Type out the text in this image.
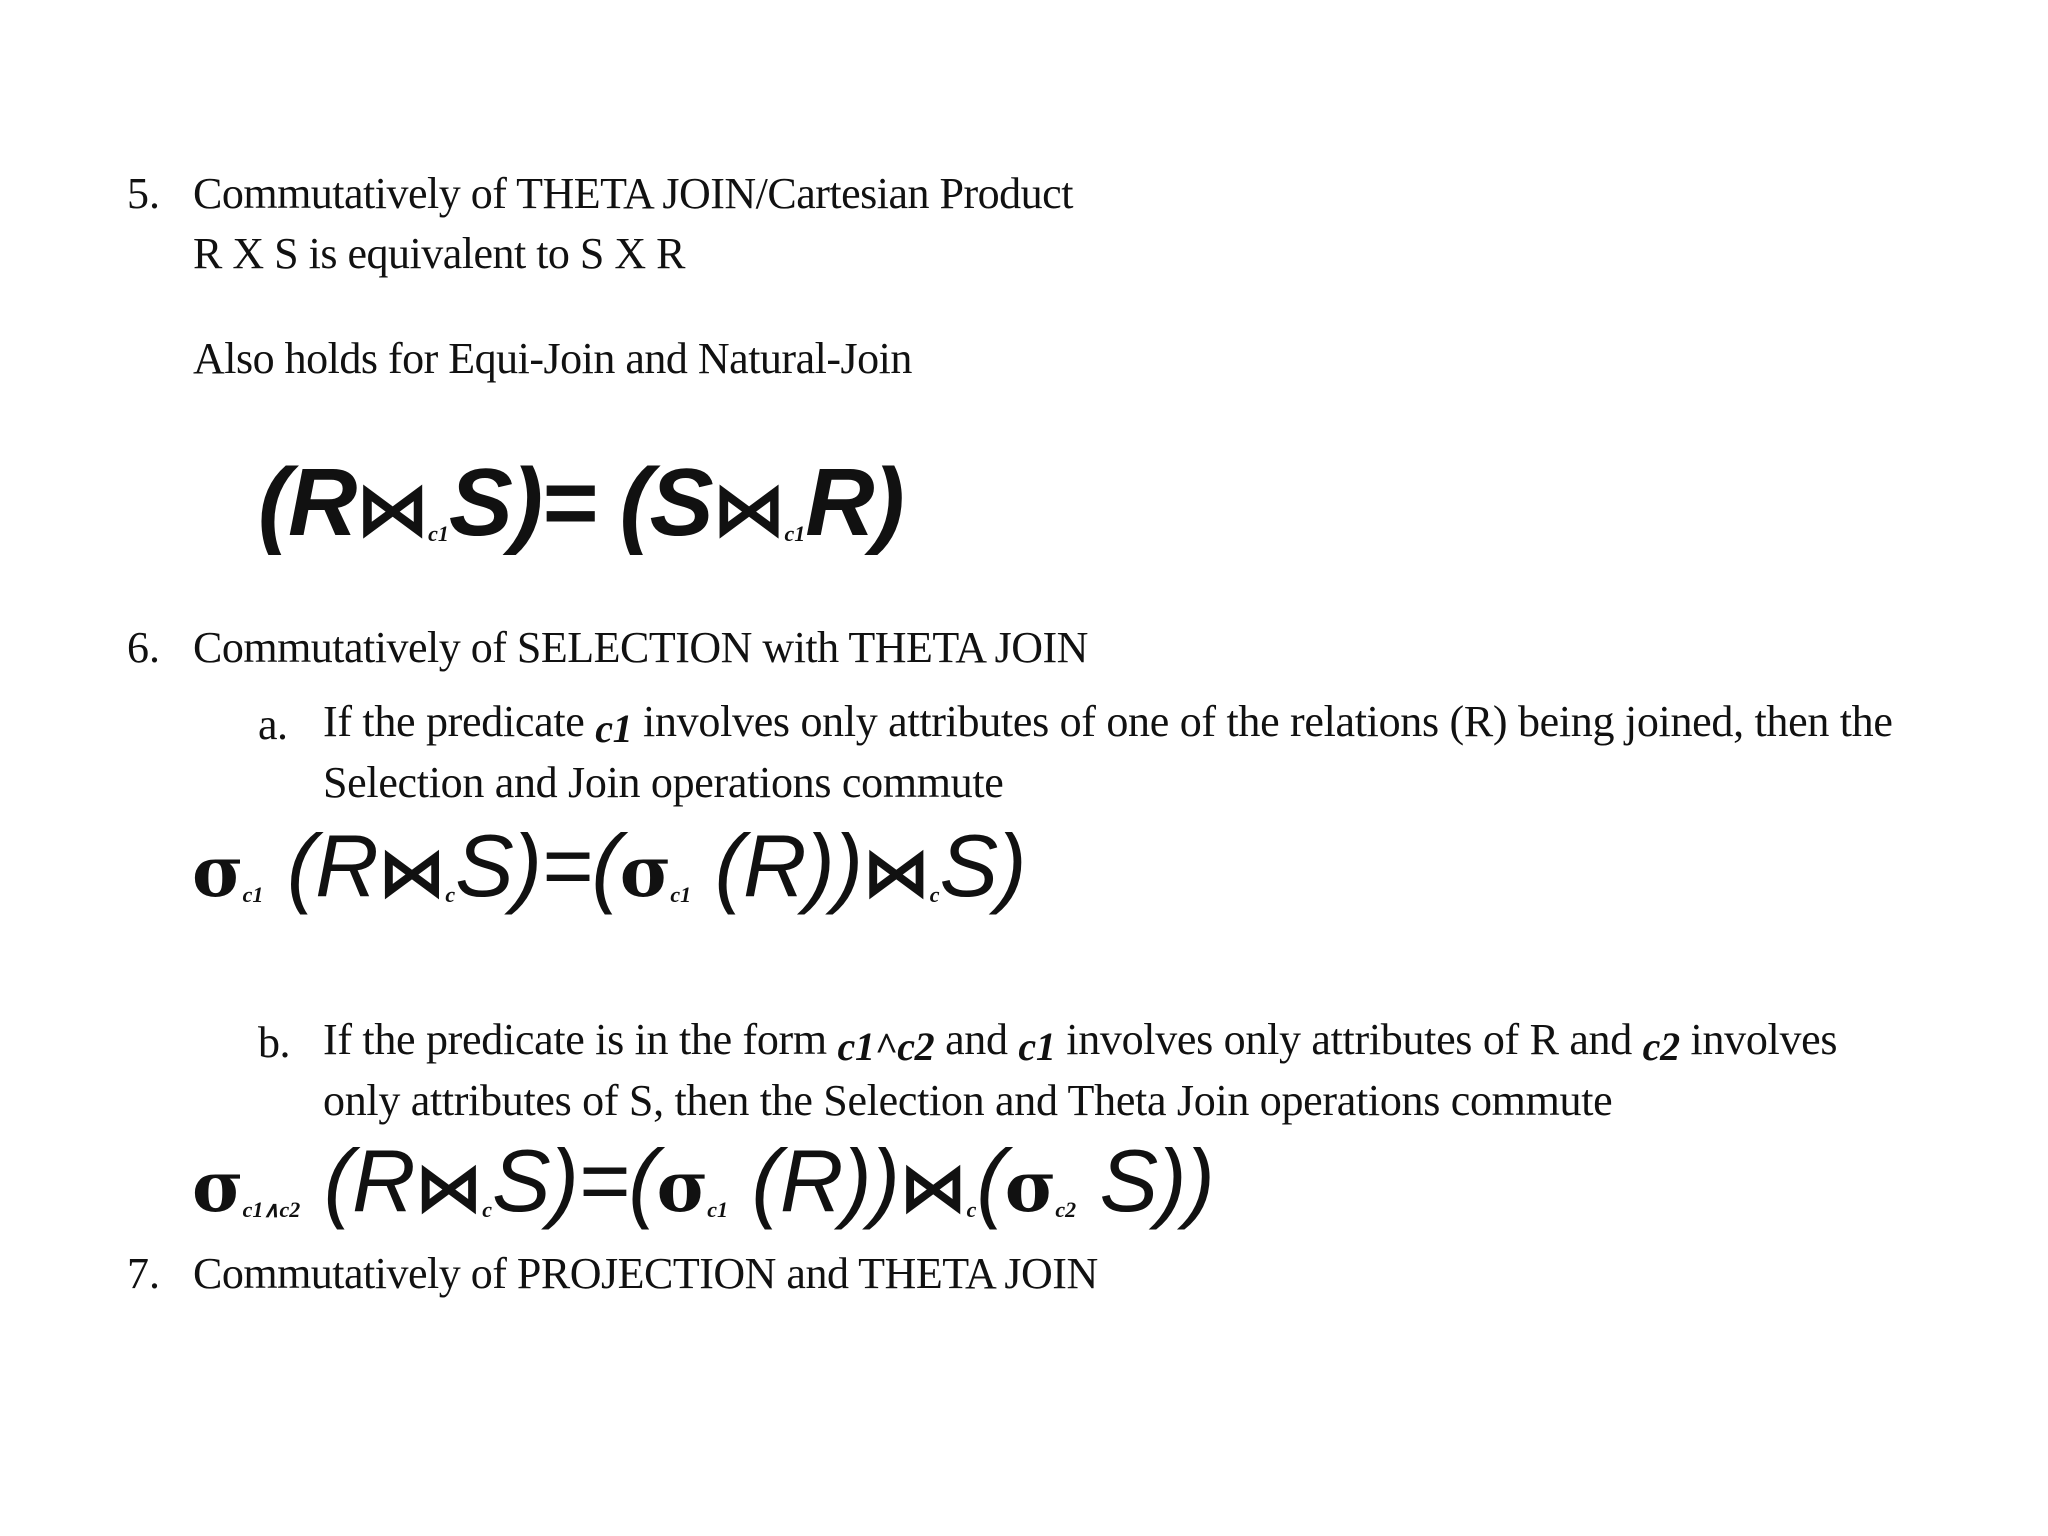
5. Commutatively of THETA JOIN/Cartesian Product
R X S is equivalent to S X R
Also holds for Equi-Join and Natural-Join
(R⋈c1S)= (S⋈c1R)
6. Commutatively of SELECTION with THETA JOIN
a. If the predicate c1 involves only attributes of one of the relations (R) being joined, then the Selection and Join operations commute
σc1 (R⋈cS)=(σc1 (R))⋈cS)
b. If the predicate is in the form c1^c2 and c1 involves only attributes of R and c2 involves only attributes of S, then the Selection and Theta Join operations commute
σc1∧c2 (R⋈cS)=(σc1 (R))⋈c(σc2 S))
7. Commutatively of PROJECTION and THETA JOIN
